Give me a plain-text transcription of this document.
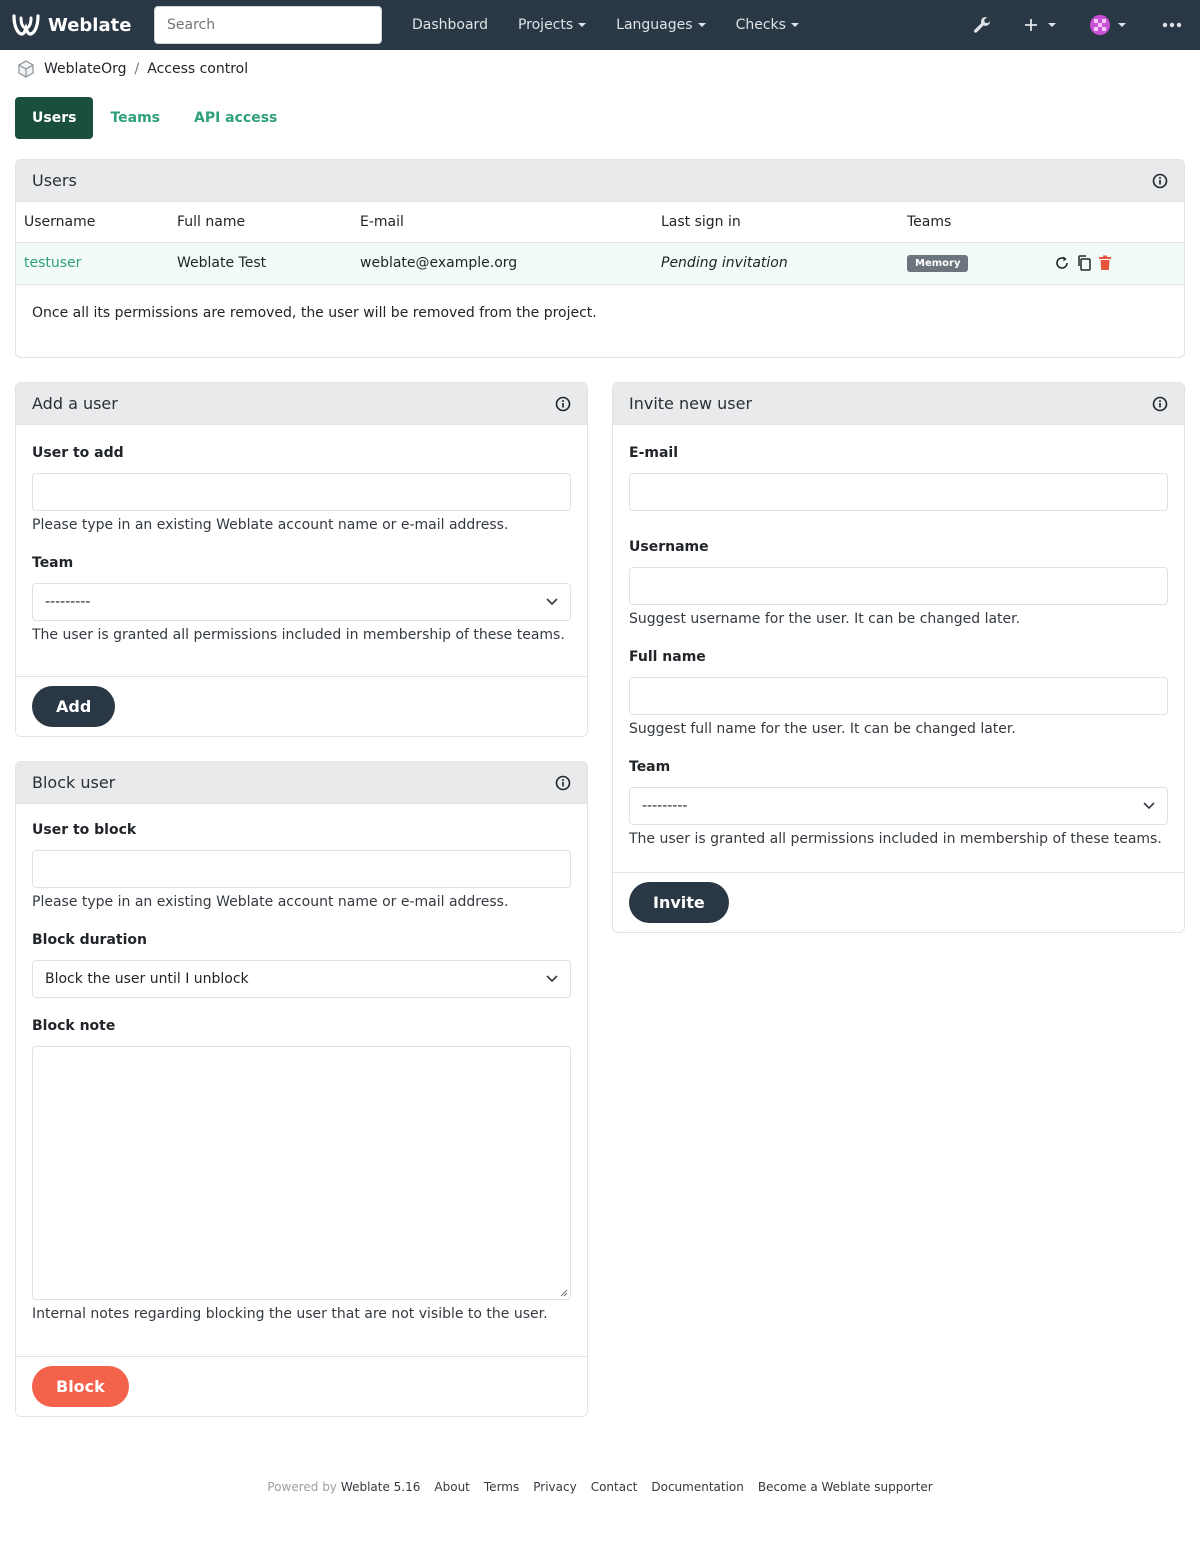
Weblate
Search	Dashboard Projects	Languages	Checks
WeblateOrg / Access control
Users	Teams	API access
Users
Username	Full name	E-mail	Last sign in	Teams	
testuser	Weblate Test	weblate@example.org	Pending invitation	Memory	
Once all its permissions are removed, the user will be removed from the project.
Add a user
User to add
Please type in an existing Weblate account name or e-mail address.
Team
---------
The user is granted all permissions included in membership of these teams.
Add
Block user
User to block
Please type in an existing Weblate account name or e-mail address.
Block duration
Block the user until I unblock
Block note
Internal notes regarding blocking the user that are not visible to the user.
Block
Invite new user
E-mail
Username
Suggest username for the user. It can be changed later.
Full name
Suggest full name for the user. It can be changed later.
Team
---------
The user is granted all permissions included in membership of these teams.
Invite
Powered by Weblate 5.16 About Terms Privacy Contact Documentation Become a Weblate supporter
